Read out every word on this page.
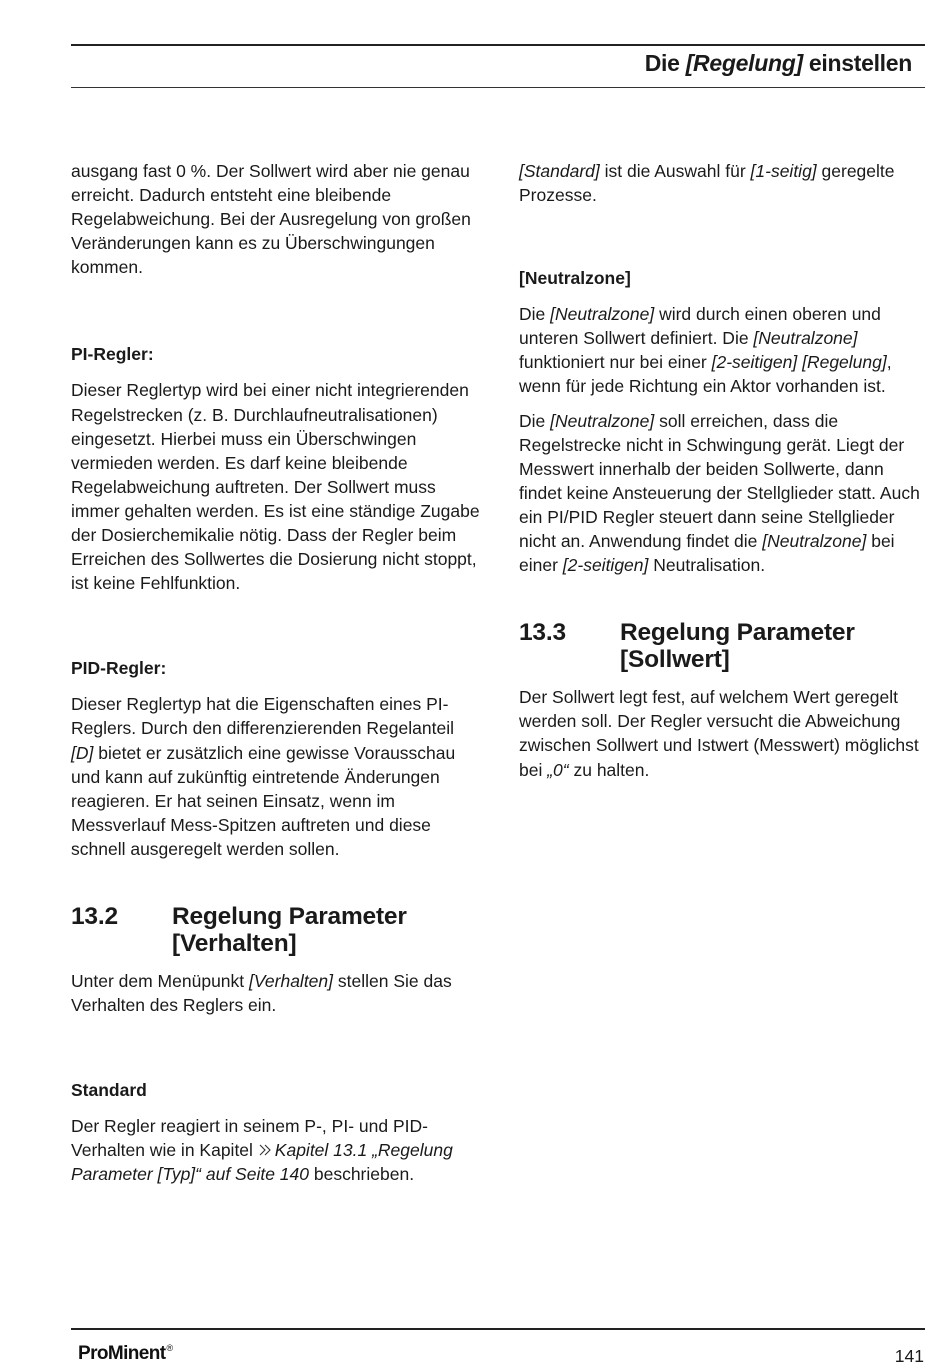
Die [Regelung] einstellen

ausgang fast 0 %. Der Sollwert wird aber nie genau erreicht. Dadurch entsteht eine bleibende Regelabweichung. Bei der Ausregelung von großen Veränderungen kann es zu Überschwingungen kommen.

PI-Regler:

Dieser Reglertyp wird bei einer nicht integrierenden Regelstrecken (z. B. Durchlaufneutralisationen) eingesetzt. Hierbei muss ein Überschwingen vermieden werden. Es darf keine bleibende Regelabweichung auftreten. Der Sollwert muss immer gehalten werden. Es ist eine ständige Zugabe der Dosierchemikalie nötig. Dass der Regler beim Erreichen des Sollwertes die Dosierung nicht stoppt, ist keine Fehlfunktion.

PID-Regler:

Dieser Reglertyp hat die Eigenschaften eines PI-Reglers. Durch den differenzierenden Regelanteil [D] bietet er zusätzlich eine gewisse Vorausschau und kann auf zukünftig eintretende Änderungen reagieren. Er hat seinen Einsatz, wenn im Messverlauf Mess-Spitzen auftreten und diese schnell ausgeregelt werden sollen.

13.2	Regelung Parameter [Verhalten]

Unter dem Menüpunkt [Verhalten] stellen Sie das Verhalten des Reglers ein.

Standard

Der Regler reagiert in seinem P-, PI- und PID-Verhalten wie in Kapitel Kapitel 13.1 „Regelung Parameter [Typ]“ auf Seite 140 beschrieben.

[Standard] ist die Auswahl für [1-seitig] geregelte Prozesse.

[Neutralzone]

Die [Neutralzone] wird durch einen oberen und unteren Sollwert definiert. Die [Neutralzone] funktioniert nur bei einer [2-seitigen] [Regelung], wenn für jede Richtung ein Aktor vorhanden ist.

Die [Neutralzone] soll erreichen, dass die Regelstrecke nicht in Schwingung gerät. Liegt der Messwert innerhalb der beiden Sollwerte, dann findet keine Ansteuerung der Stellglieder statt. Auch ein PI/PID Regler steuert dann seine Stellglieder nicht an. Anwendung findet die [Neutralzone] bei einer [2-seitigen] Neutralisation.

13.3	Regelung Parameter [Sollwert]

Der Sollwert legt fest, auf welchem Wert geregelt werden soll. Der Regler versucht die Abweichung zwischen Sollwert und Istwert (Messwert) möglichst bei „0“ zu halten.

ProMinent®	141
